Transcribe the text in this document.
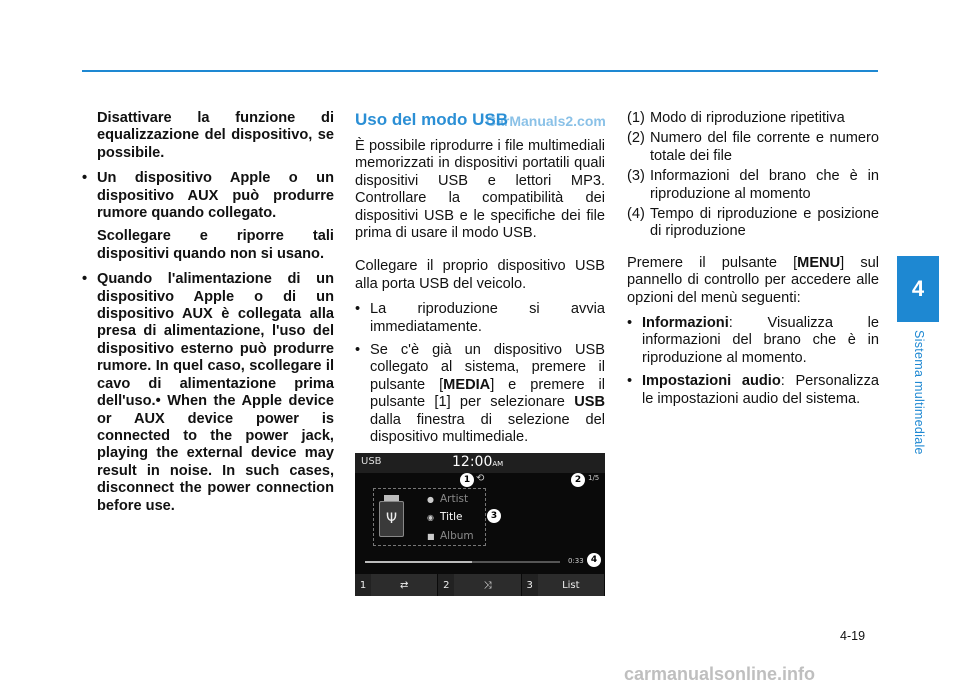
Disattivare la funzione di equalizzazione del dispositivo, se possibile.
• Un dispositivo Apple o un dispositivo AUX può produrre rumore quando collegato.
Scollegare e riporre tali dispositivi quando non si usano.
• Quando l'alimentazione di un dispositivo Apple o di un dispositivo AUX è collegata alla presa di alimentazione, l'uso del dispositivo esterno può produrre rumore. In quel caso, scollegare il cavo di alimentazione prima dell'uso.• When the Apple device or AUX device power is connected to the power jack, playing the external device may result in noise. In such cases, disconnect the power connection before use.
Uso del modo USB
È possibile riprodurre i file multimediali memorizzati in dispositivi portatili quali dispositivi USB e lettori MP3. Controllare la compatibilità dei dispositivi USB e le specifiche dei file prima di usare il modo USB.
Collegare il proprio dispositivo USB alla porta USB del veicolo.
• La riproduzione si avvia immediatamente.
• Se c'è già un dispositivo USB collegato al sistema, premere il pulsante [MEDIA] e premere il pulsante [1] per selezionare USB dalla finestra di selezione del dispositivo multimediale.
CarManuals2.com (1) Modo di riproduzione ripetitiva
(2) Numero del file corrente e numero totale dei file
(3) Informazioni del brano che è in riproduzione al momento
(4) Tempo di riproduzione e posizione di riproduzione
Premere il pulsante [MENU] sul pannello di controllo per accedere alle opzioni del menù seguenti:
• Informazioni: Visualizza le informazioni del brano che è in riproduzione al momento.
• Impostazioni audio: Personalizza le impostazioni audio del sistema.
USB	12:00AM
⟲	1/5
Ψ
● Artist
◉ Title
■ Album
0:33
1	2
3
4
1	⇄	2	⤨	3	List
4
Sistema multimediale
4-19
carmanualsonline.info
